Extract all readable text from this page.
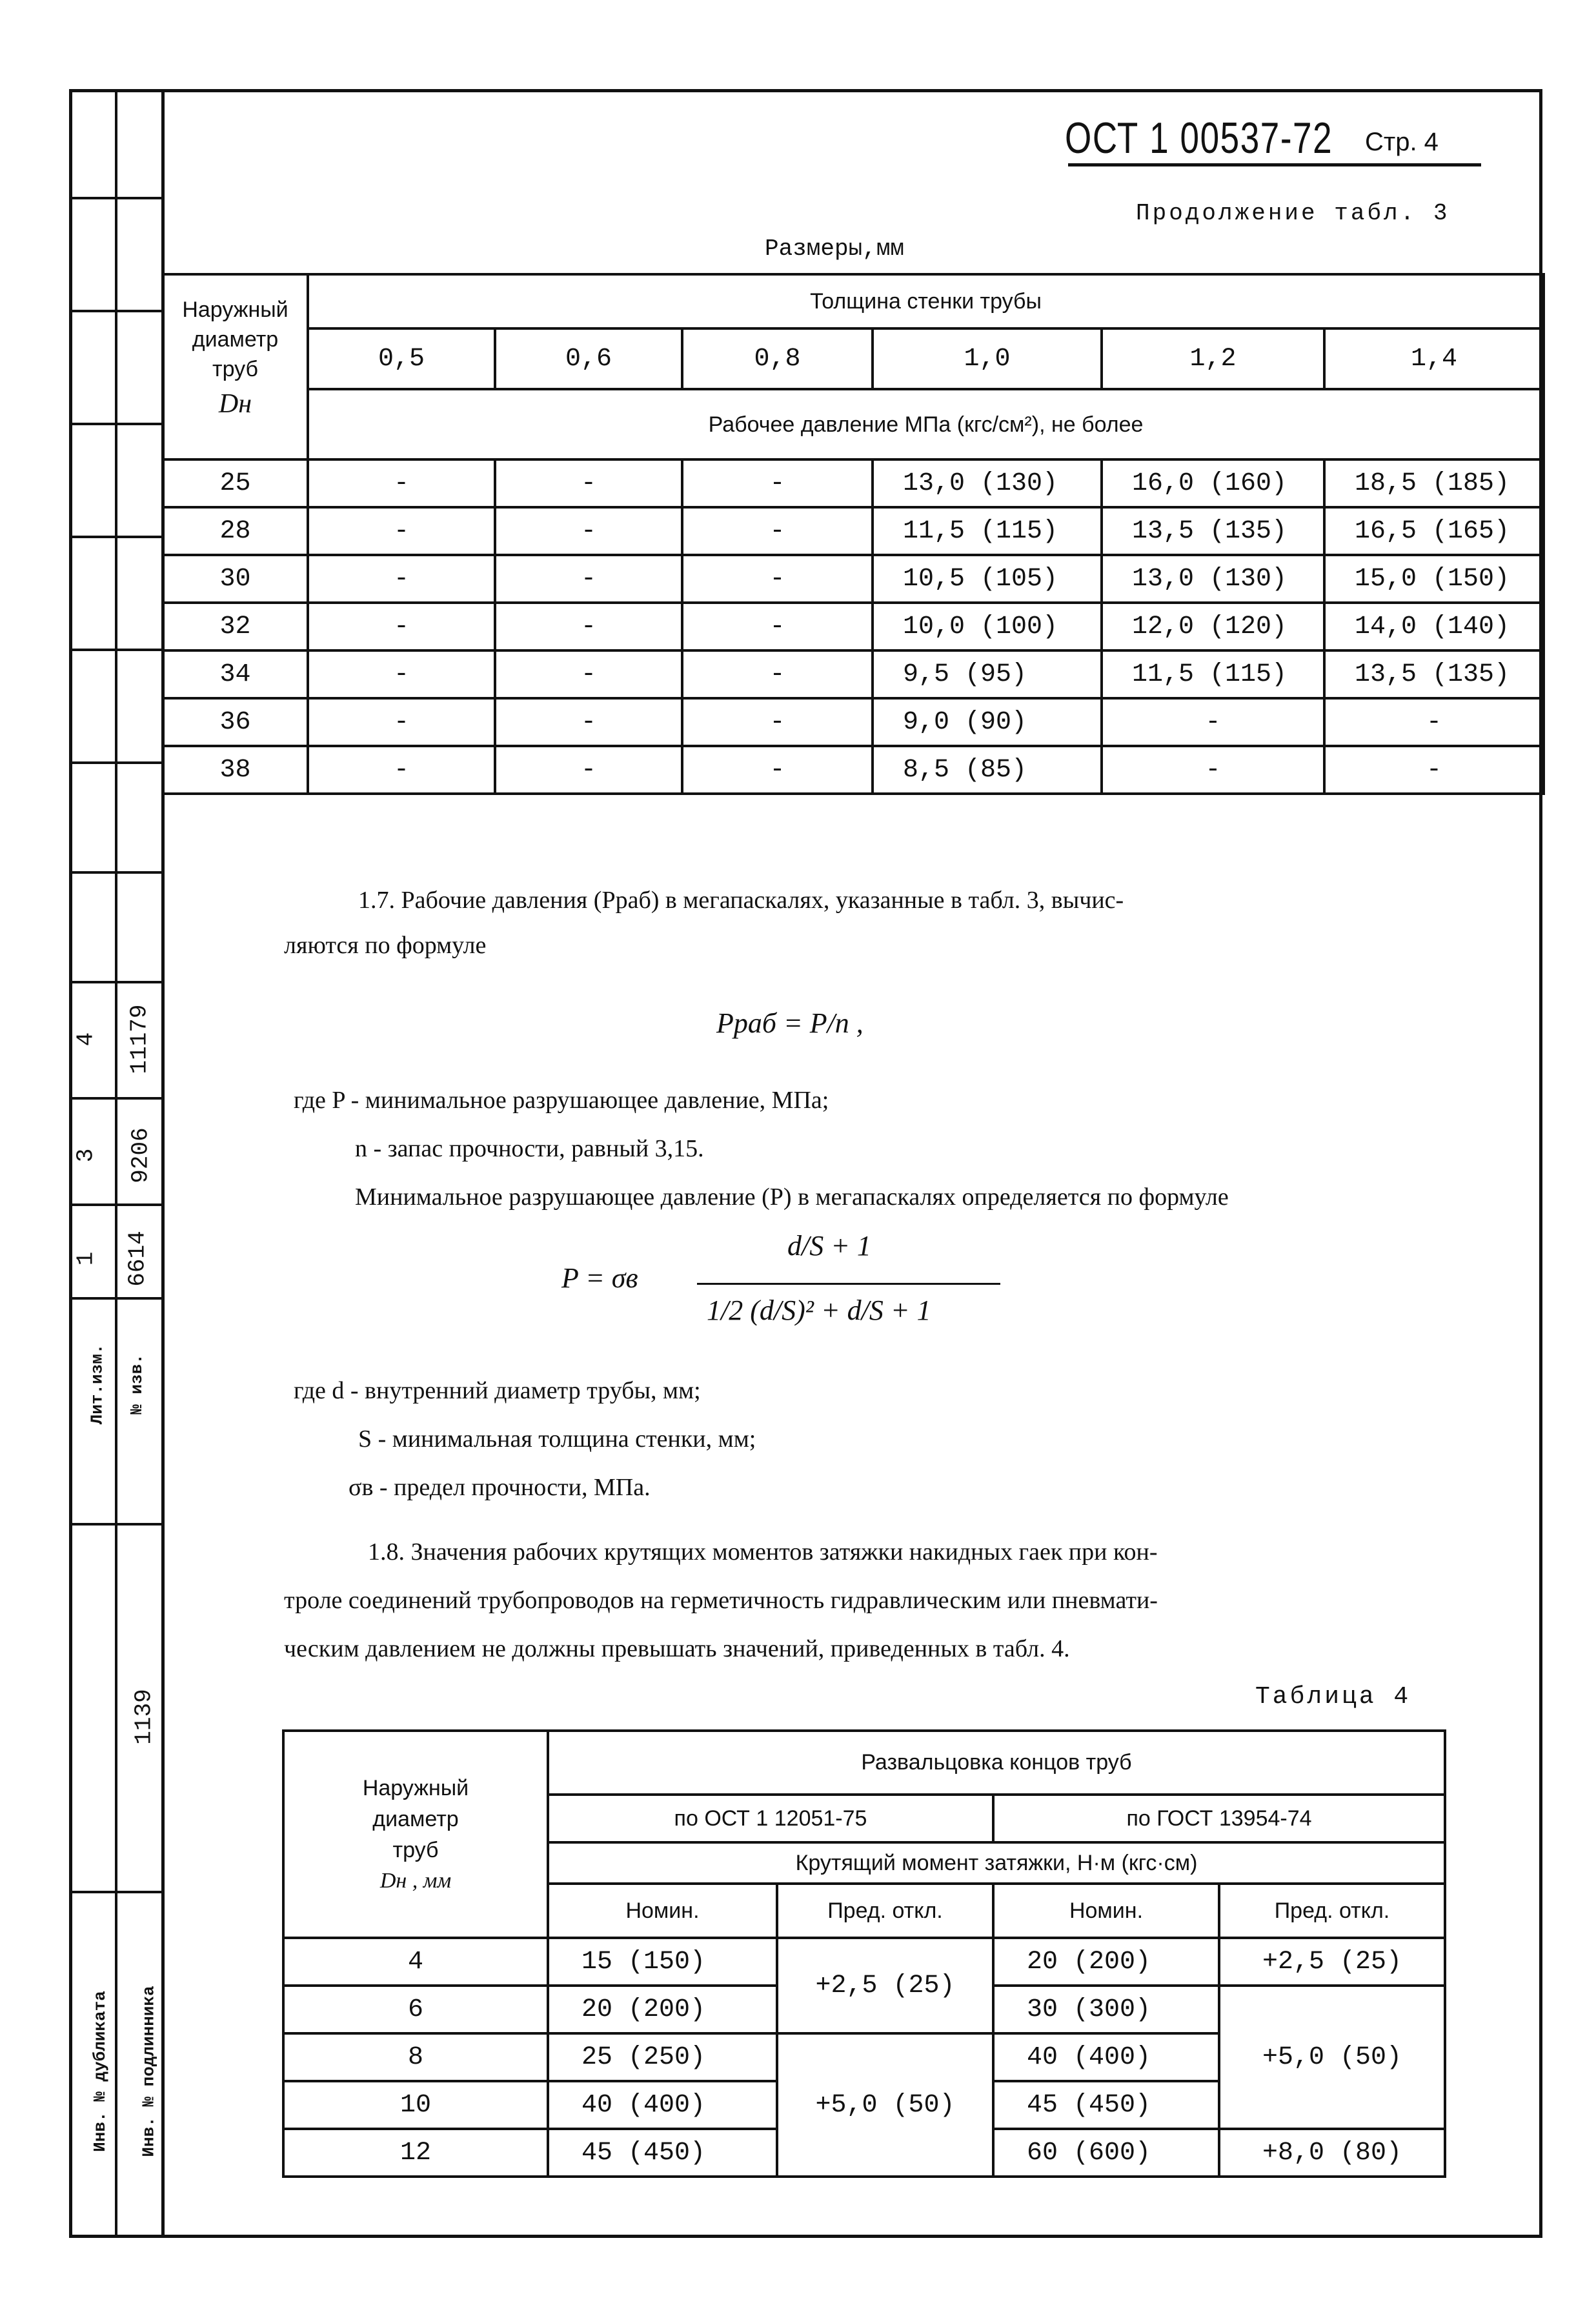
4 11179
3 9206
1 6614
Лит.изм. № изв.
1139
Инв. № дубликата Инв. № подлинника
ОСТ 1 00537-72 Стр. 4
Продолжение табл. 3
Размеры,мм
Наружный
диаметр
труб
Dн	Толщина стенки трубы					
	0,5	0,6	0,8	1,0	1,2	1,4
	Рабочее давление МПа (кгс/см²), не более					
25	-	-	-	13,0 (130)	16,0 (160)	18,5 (185)
28	-	-	-	11,5 (115)	13,5 (135)	16,5 (165)
30	-	-	-	10,5 (105)	13,0 (130)	15,0 (150)
32	-	-	-	10,0 (100)	12,0 (120)	14,0 (140)
34	-	-	-	9,5 (95)	11,5 (115)	13,5 (135)
36	-	-	-	9,0 (90)	-	-
38	-	-	-	8,5 (85)	-	-
1.7. Рабочие давления (Pраб) в мегапаскалях, указанные в табл. 3, вычис-
ляются по формуле
Pраб = P/n ,
где P - минимальное разрушающее давление, МПа;
n - запас прочности, равный 3,15.
Минимальное разрушающее давление (P) в мегапаскалях определяется по формуле
P = σв
d/S + 1
1/2 (d/S)² + d/S + 1
где d - внутренний диаметр трубы, мм;
S - минимальная толщина стенки, мм;
σв - предел прочности, МПа.
1.8. Значения рабочих крутящих моментов затяжки накидных гаек при кон-
троле соединений трубопроводов на герметичность гидравлическим или пневмати-
ческим давлением не должны превышать значений, приведенных в табл. 4.
Таблица 4
Наружный
диаметр
труб
Dн , мм	Развальцовка концов труб			
	по ОСТ 1 12051-75		по ГОСТ 13954-74	
	Крутящий момент затяжки, Н·м (кгс·см)			
	Номин.	Пред. откл.	Номин.	Пред. откл.
4	15 (150)	+2,5 (25)	20 (200)	+2,5 (25)
6	20 (200)		30 (300)	+5,0 (50)
8	25 (250)	+5,0 (50)	40 (400)	
10	40 (400)		45 (450)	
12	45 (450)		60 (600)	+8,0 (80)
